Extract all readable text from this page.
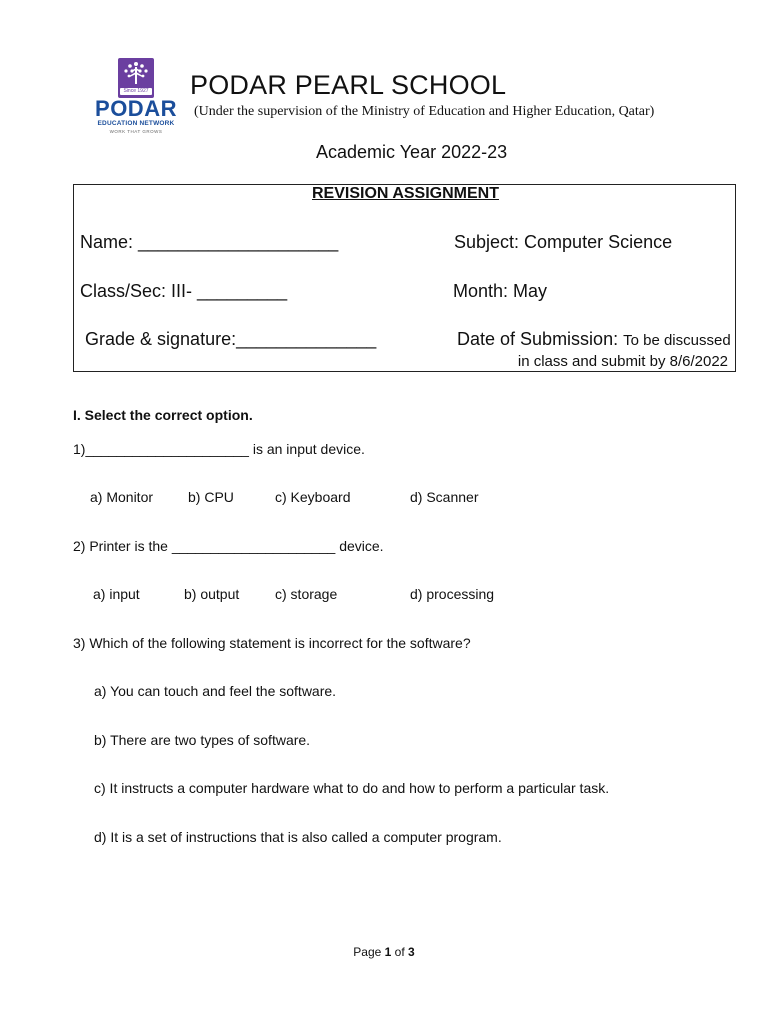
Since 1927
PODAR
EDUCATION NETWORK
WORK THAT GROWS
PODAR PEARL SCHOOL
(Under the supervision of the Ministry of Education and Higher Education, Qatar)
Academic Year 2022-23
REVISION ASSIGNMENT
Name: ____________________	Subject: Computer Science
Class/Sec: III- _________	Month: May
Grade & signature:______________	Date of Submission: To be discussed
in class and submit by 8/6/2022
I. Select the correct option.
1)_____________________ is an input device.
a) Monitor b) CPU	c) Keyboard	d) Scanner
2) Printer is the _____________________ device.
a) input	b) output	c) storage	d) processing
3) Which of the following statement is incorrect for the software?
a) You can touch and feel the software.
b) There are two types of software.
c) It instructs a computer hardware what to do and how to perform a particular task.
d) It is a set of instructions that is also called a computer program.
Page 1 of 3
